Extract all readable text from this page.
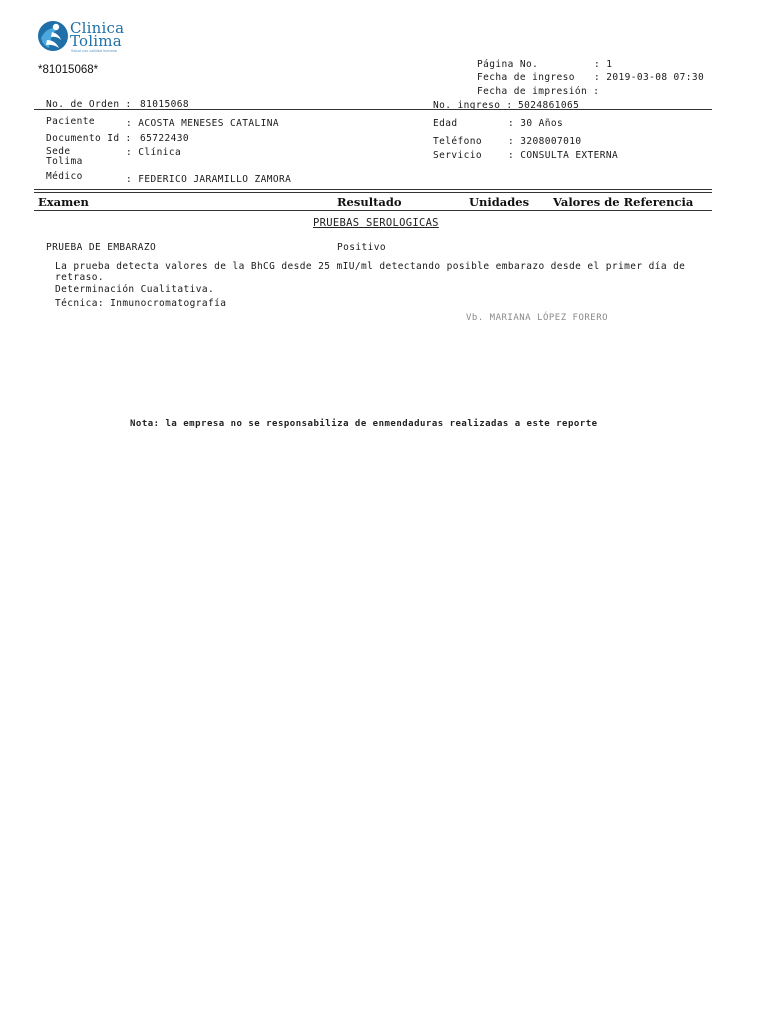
Clinica
Tolima
Salud con calidad humana
*81015068*	Página No.	: 1
Fecha de ingreso : 2019-03-08 07:30
Fecha de impresión :
No. de Orden : 81015068	No. ingreso : 5024861065
Paciente	: ACOSTA MENESES CATALINA
Documento Id : 65722430
Sede
Tolima
: Clínica
Médico	: FEDERICO JARAMILLO ZAMORA
Edad	: 30 Años
Teléfono	: 3208007010
Servicio	: CONSULTA EXTERNA
Examen	Resultado	Unidades Valores de Referencia
PRUEBAS SEROLOGICAS
PRUEBA DE EMBARAZO	Positivo
La prueba detecta valores de la BhCG desde 25 mIU/ml detectando posible embarazo desde el primer día de
retraso.
Determinación Cualitativa.
Técnica: Inmunocromatografía
Vb. MARIANA LÓPEZ FORERO
Nota: la empresa no se responsabiliza de enmendaduras realizadas a este reporte
